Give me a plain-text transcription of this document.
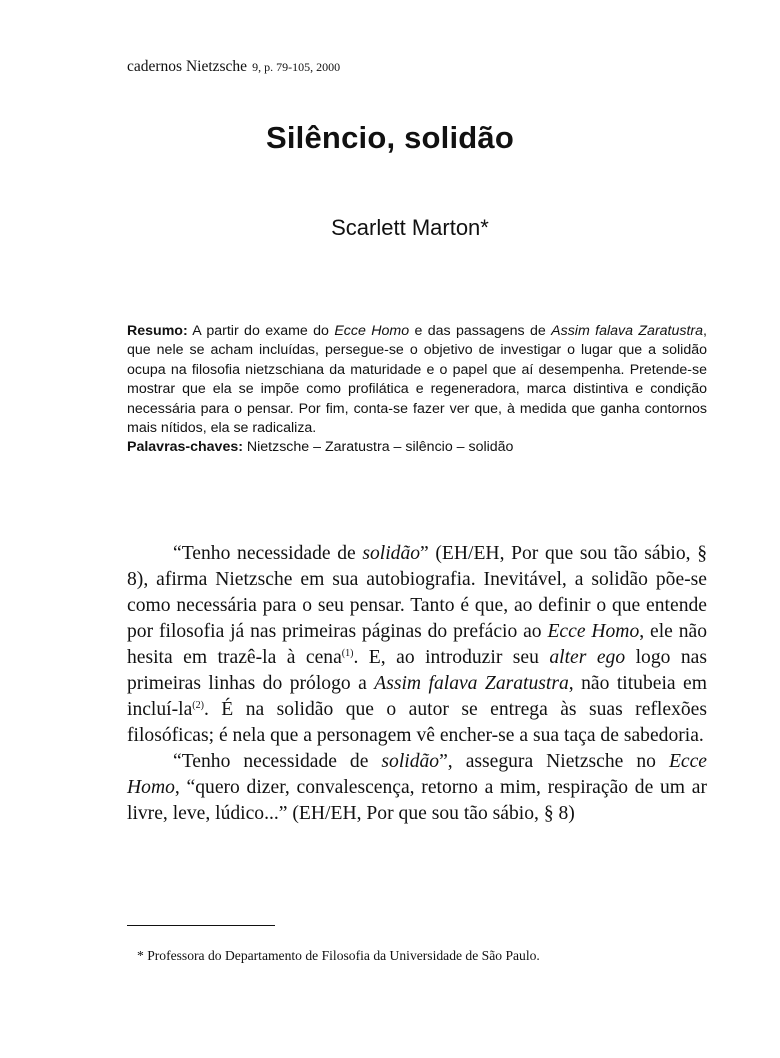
cadernos Nietzsche 9, p. 79-105, 2000
Silêncio, solidão
Scarlett Marton*

Resumo: A partir do exame do Ecce Homo e das passagens de Assim falava Zaratustra, que nele se acham incluídas, persegue-se o objetivo de investigar o lugar que a solidão ocupa na filosofia nietzschiana da maturidade e o papel que aí desempenha. Pretende-se mostrar que ela se impõe como profilática e regeneradora, marca distintiva e condição necessária para o pensar. Por fim, conta-se fazer ver que, à medida que ganha contornos mais nítidos, ela se radicaliza.

Palavras-chaves: Nietzsche – Zaratustra – silêncio – solidão

“Tenho necessidade de solidão” (EH/EH, Por que sou tão sábio, § 8), afirma Nietzsche em sua autobiografia. Inevitável, a solidão põe-se como necessária para o seu pensar. Tanto é que, ao definir o que entende por filosofia já nas primeiras páginas do prefácio ao Ecce Homo, ele não hesita em trazê-la à cena$^{(1)}$. E, ao introduzir seu alter ego logo nas primeiras linhas do prólogo a Assim falava Zaratustra, não titubeia em incluí-$la^{(2)}$. É na solidão que o autor se entrega às suas reflexões filosóficas; é nela que a personagem vê encher-se a sua taça de sabedoria.

“Tenho necessidade de solidão”, assegura Nietzsche no Ecce Homo, “quero dizer, convalescença, retorno a mim, respiração de um ar livre, leve, lúdico...” (EH/EH, Por que sou tão sábio, § 8)

* Professora do Departamento de Filosofia da Universidade de São Paulo.
